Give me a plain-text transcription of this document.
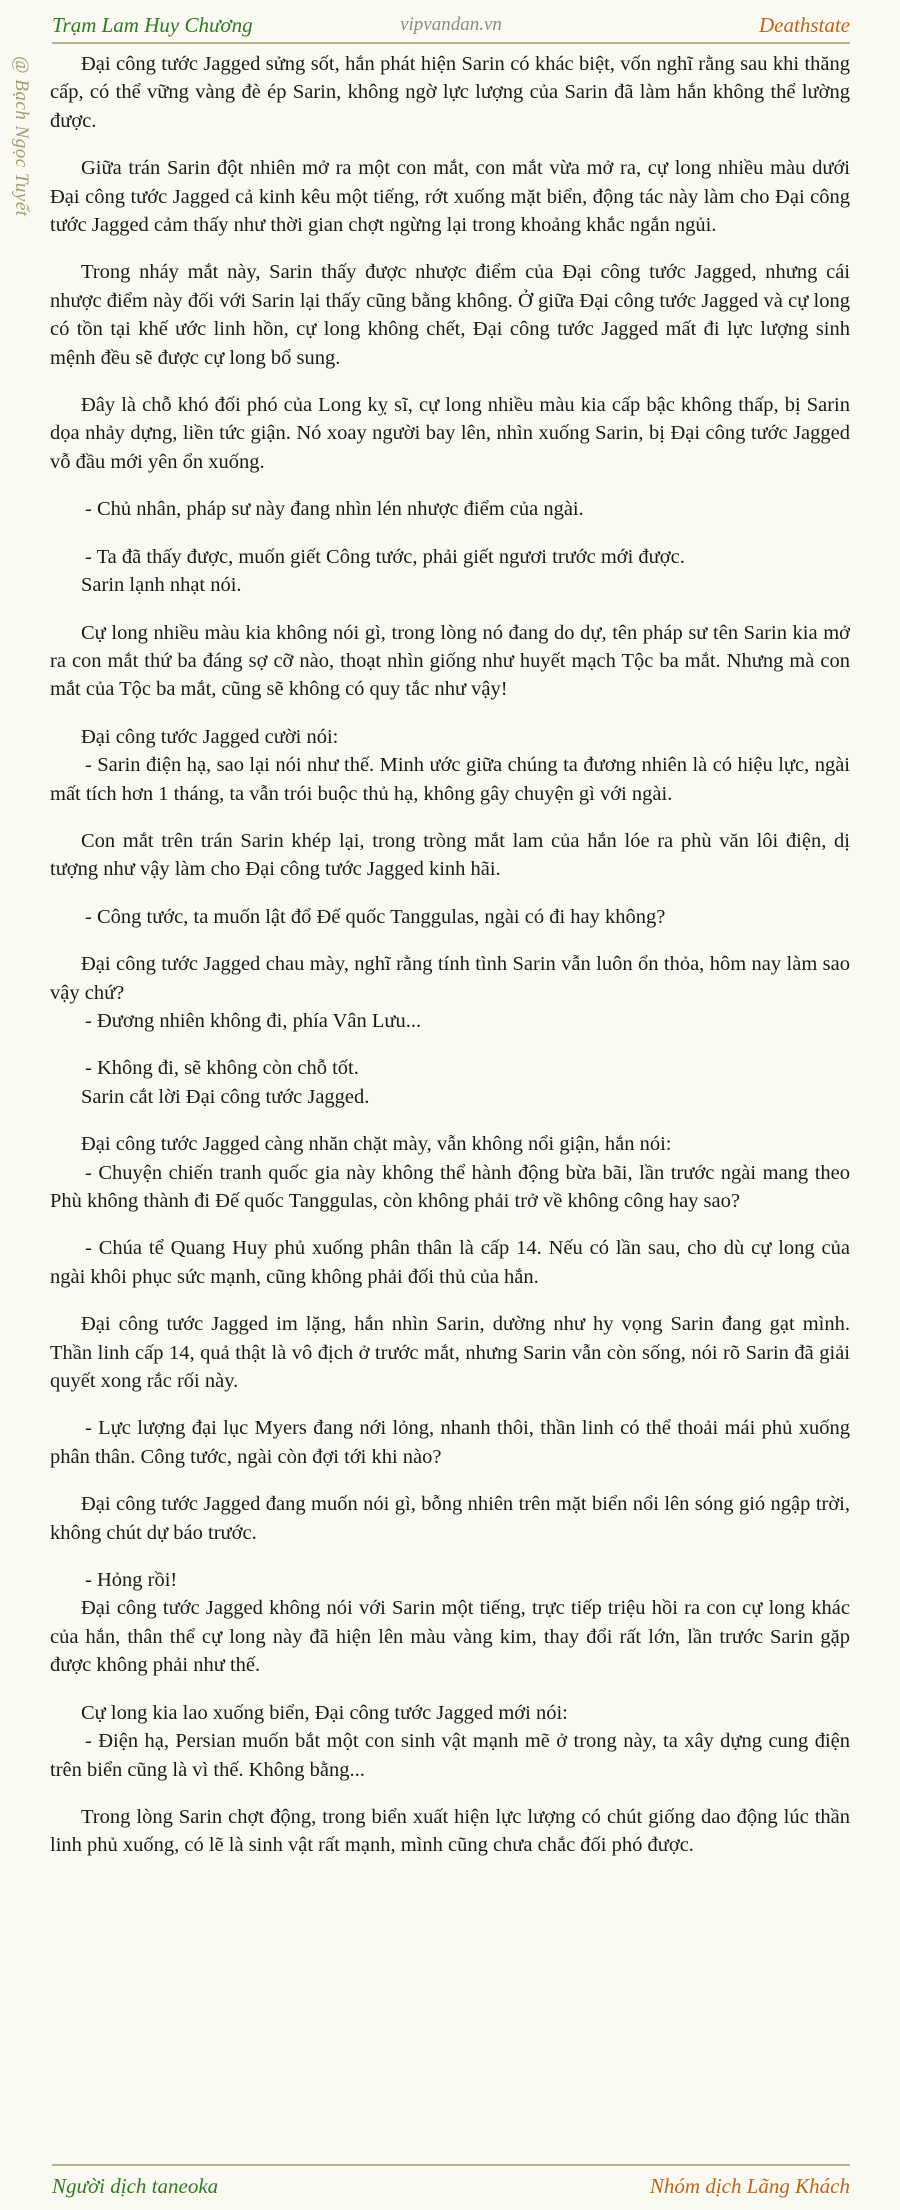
Trạm Lam Huy Chương	vipvandan.vn	Deathstate
@ Bạch Ngọc Tuyết	Đại công tước Jagged sửng sốt, hắn phát hiện Sarin có khác biệt, vốn nghĩ rằng sau khi thăng cấp, có thể vững vàng đè ép Sarin, không ngờ lực lượng của Sarin đã làm hắn không thể lường được.

Giữa trán Sarin đột nhiên mở ra một con mắt, con mắt vừa mở ra, cự long nhiều màu dưới Đại công tước Jagged cả kinh kêu một tiếng, rớt xuống mặt biển, động tác này làm cho Đại công tước Jagged cảm thấy như thời gian chợt ngừng lại trong khoảng khắc ngắn ngủi.

Trong nháy mắt này, Sarin thấy được nhược điểm của Đại công tước Jagged, nhưng cái nhược điểm này đối với Sarin lại thấy cũng bằng không. Ở giữa Đại công tước Jagged và cự long có tồn tại khế ước linh hồn, cự long không chết, Đại công tước Jagged mất đi lực lượng sinh mệnh đều sẽ được cự long bổ sung.

Đây là chỗ khó đối phó của Long kỵ sĩ, cự long nhiều màu kia cấp bậc không thấp, bị Sarin dọa nhảy dựng, liền tức giận. Nó xoay người bay lên, nhìn xuống Sarin, bị Đại công tước Jagged vỗ đầu mới yên ổn xuống.

- Chủ nhân, pháp sư này đang nhìn lén nhược điểm của ngài.

- Ta đã thấy được, muốn giết Công tước, phải giết ngươi trước mới được.

Sarin lạnh nhạt nói.

Cự long nhiều màu kia không nói gì, trong lòng nó đang do dự, tên pháp sư tên Sarin kia mở ra con mắt thứ ba đáng sợ cỡ nào, thoạt nhìn giống như huyết mạch Tộc ba mắt. Nhưng mà con mắt của Tộc ba mắt, cũng sẽ không có quy tắc như vậy!

Đại công tước Jagged cười nói:

- Sarin điện hạ, sao lại nói như thế. Minh ước giữa chúng ta đương nhiên là có hiệu lực, ngài mất tích hơn 1 tháng, ta vẫn trói buộc thủ hạ, không gây chuyện gì với ngài.

Con mắt trên trán Sarin khép lại, trong tròng mắt lam của hắn lóe ra phù văn lôi điện, dị tượng như vậy làm cho Đại công tước Jagged kinh hãi.

- Công tước, ta muốn lật đổ Đế quốc Tanggulas, ngài có đi hay không?

Đại công tước Jagged chau mày, nghĩ rằng tính tình Sarin vẫn luôn ổn thỏa, hôm nay làm sao vậy chứ?

- Đương nhiên không đi, phía Vân Lưu...

- Không đi, sẽ không còn chỗ tốt.

Sarin cắt lời Đại công tước Jagged.

Đại công tước Jagged càng nhăn chặt mày, vẫn không nổi giận, hắn nói:

- Chuyện chiến tranh quốc gia này không thể hành động bừa bãi, lần trước ngài mang theo Phù không thành đi Đế quốc Tanggulas, còn không phải trở về không công hay sao?

- Chúa tể Quang Huy phủ xuống phân thân là cấp 14. Nếu có lần sau, cho dù cự long của ngài khôi phục sức mạnh, cũng không phải đối thủ của hắn.

Đại công tước Jagged im lặng, hắn nhìn Sarin, dường như hy vọng Sarin đang gạt mình. Thần linh cấp 14, quả thật là vô địch ở trước mắt, nhưng Sarin vẫn còn sống, nói rõ Sarin đã giải quyết xong rắc rối này.

- Lực lượng đại lục Myers đang nới lỏng, nhanh thôi, thần linh có thể thoải mái phủ xuống phân thân. Công tước, ngài còn đợi tới khi nào?

Đại công tước Jagged đang muốn nói gì, bỗng nhiên trên mặt biển nổi lên sóng gió ngập trời, không chút dự báo trước.

- Hỏng rồi!

Đại công tước Jagged không nói với Sarin một tiếng, trực tiếp triệu hồi ra con cự long khác của hắn, thân thể cự long này đã hiện lên màu vàng kim, thay đổi rất lớn, lần trước Sarin gặp được không phải như thế.

Cự long kia lao xuống biển, Đại công tước Jagged mới nói:

- Điện hạ, Persian muốn bắt một con sinh vật mạnh mẽ ở trong này, ta xây dựng cung điện trên biển cũng là vì thế. Không bằng...

Trong lòng Sarin chợt động, trong biển xuất hiện lực lượng có chút giống dao động lúc thần linh phủ xuống, có lẽ là sinh vật rất mạnh, mình cũng chưa chắc đối phó được.

Người dịch taneoka	Nhóm dịch Lãng Khách
